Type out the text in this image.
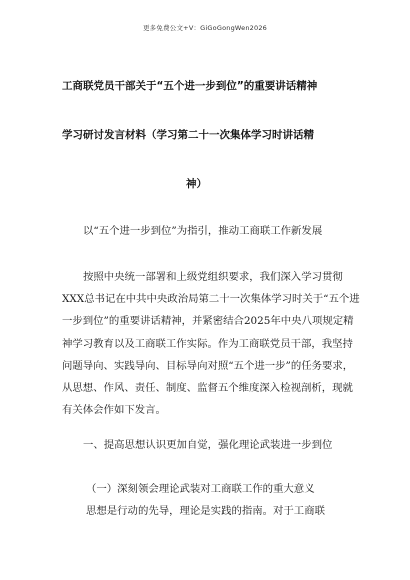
更多免费公文+V：GiGoGongWen2026
工商联党员干部关于“五个进一步到位”的重要讲话精神
学习研讨发言材料（学习第二十一次集体学习时讲话精
神）
以“五个进一步到位”为指引，推动工商联工作新发展
按照中央统一部署和上级党组织要求，我们深入学习贯彻XXX总书记在中共中央政治局第二十一次集体学习时关于“五个进一步到位”的重要讲话精神，并紧密结合2025年中央八项规定精神学习教育以及工商联工作实际。作为工商联党员干部，我坚持问题导向、实践导向、目标导向对照“五个进一步”的任务要求，从思想、作风、责任、制度、监督五个维度深入检视剖析，现就有关体会作如下发言。
一、提高思想认识更加自觉，强化理论武装进一步到位
（一）深刻领会理论武装对工商联工作的重大意义
思想是行动的先导，理论是实践的指南。对于工商联
